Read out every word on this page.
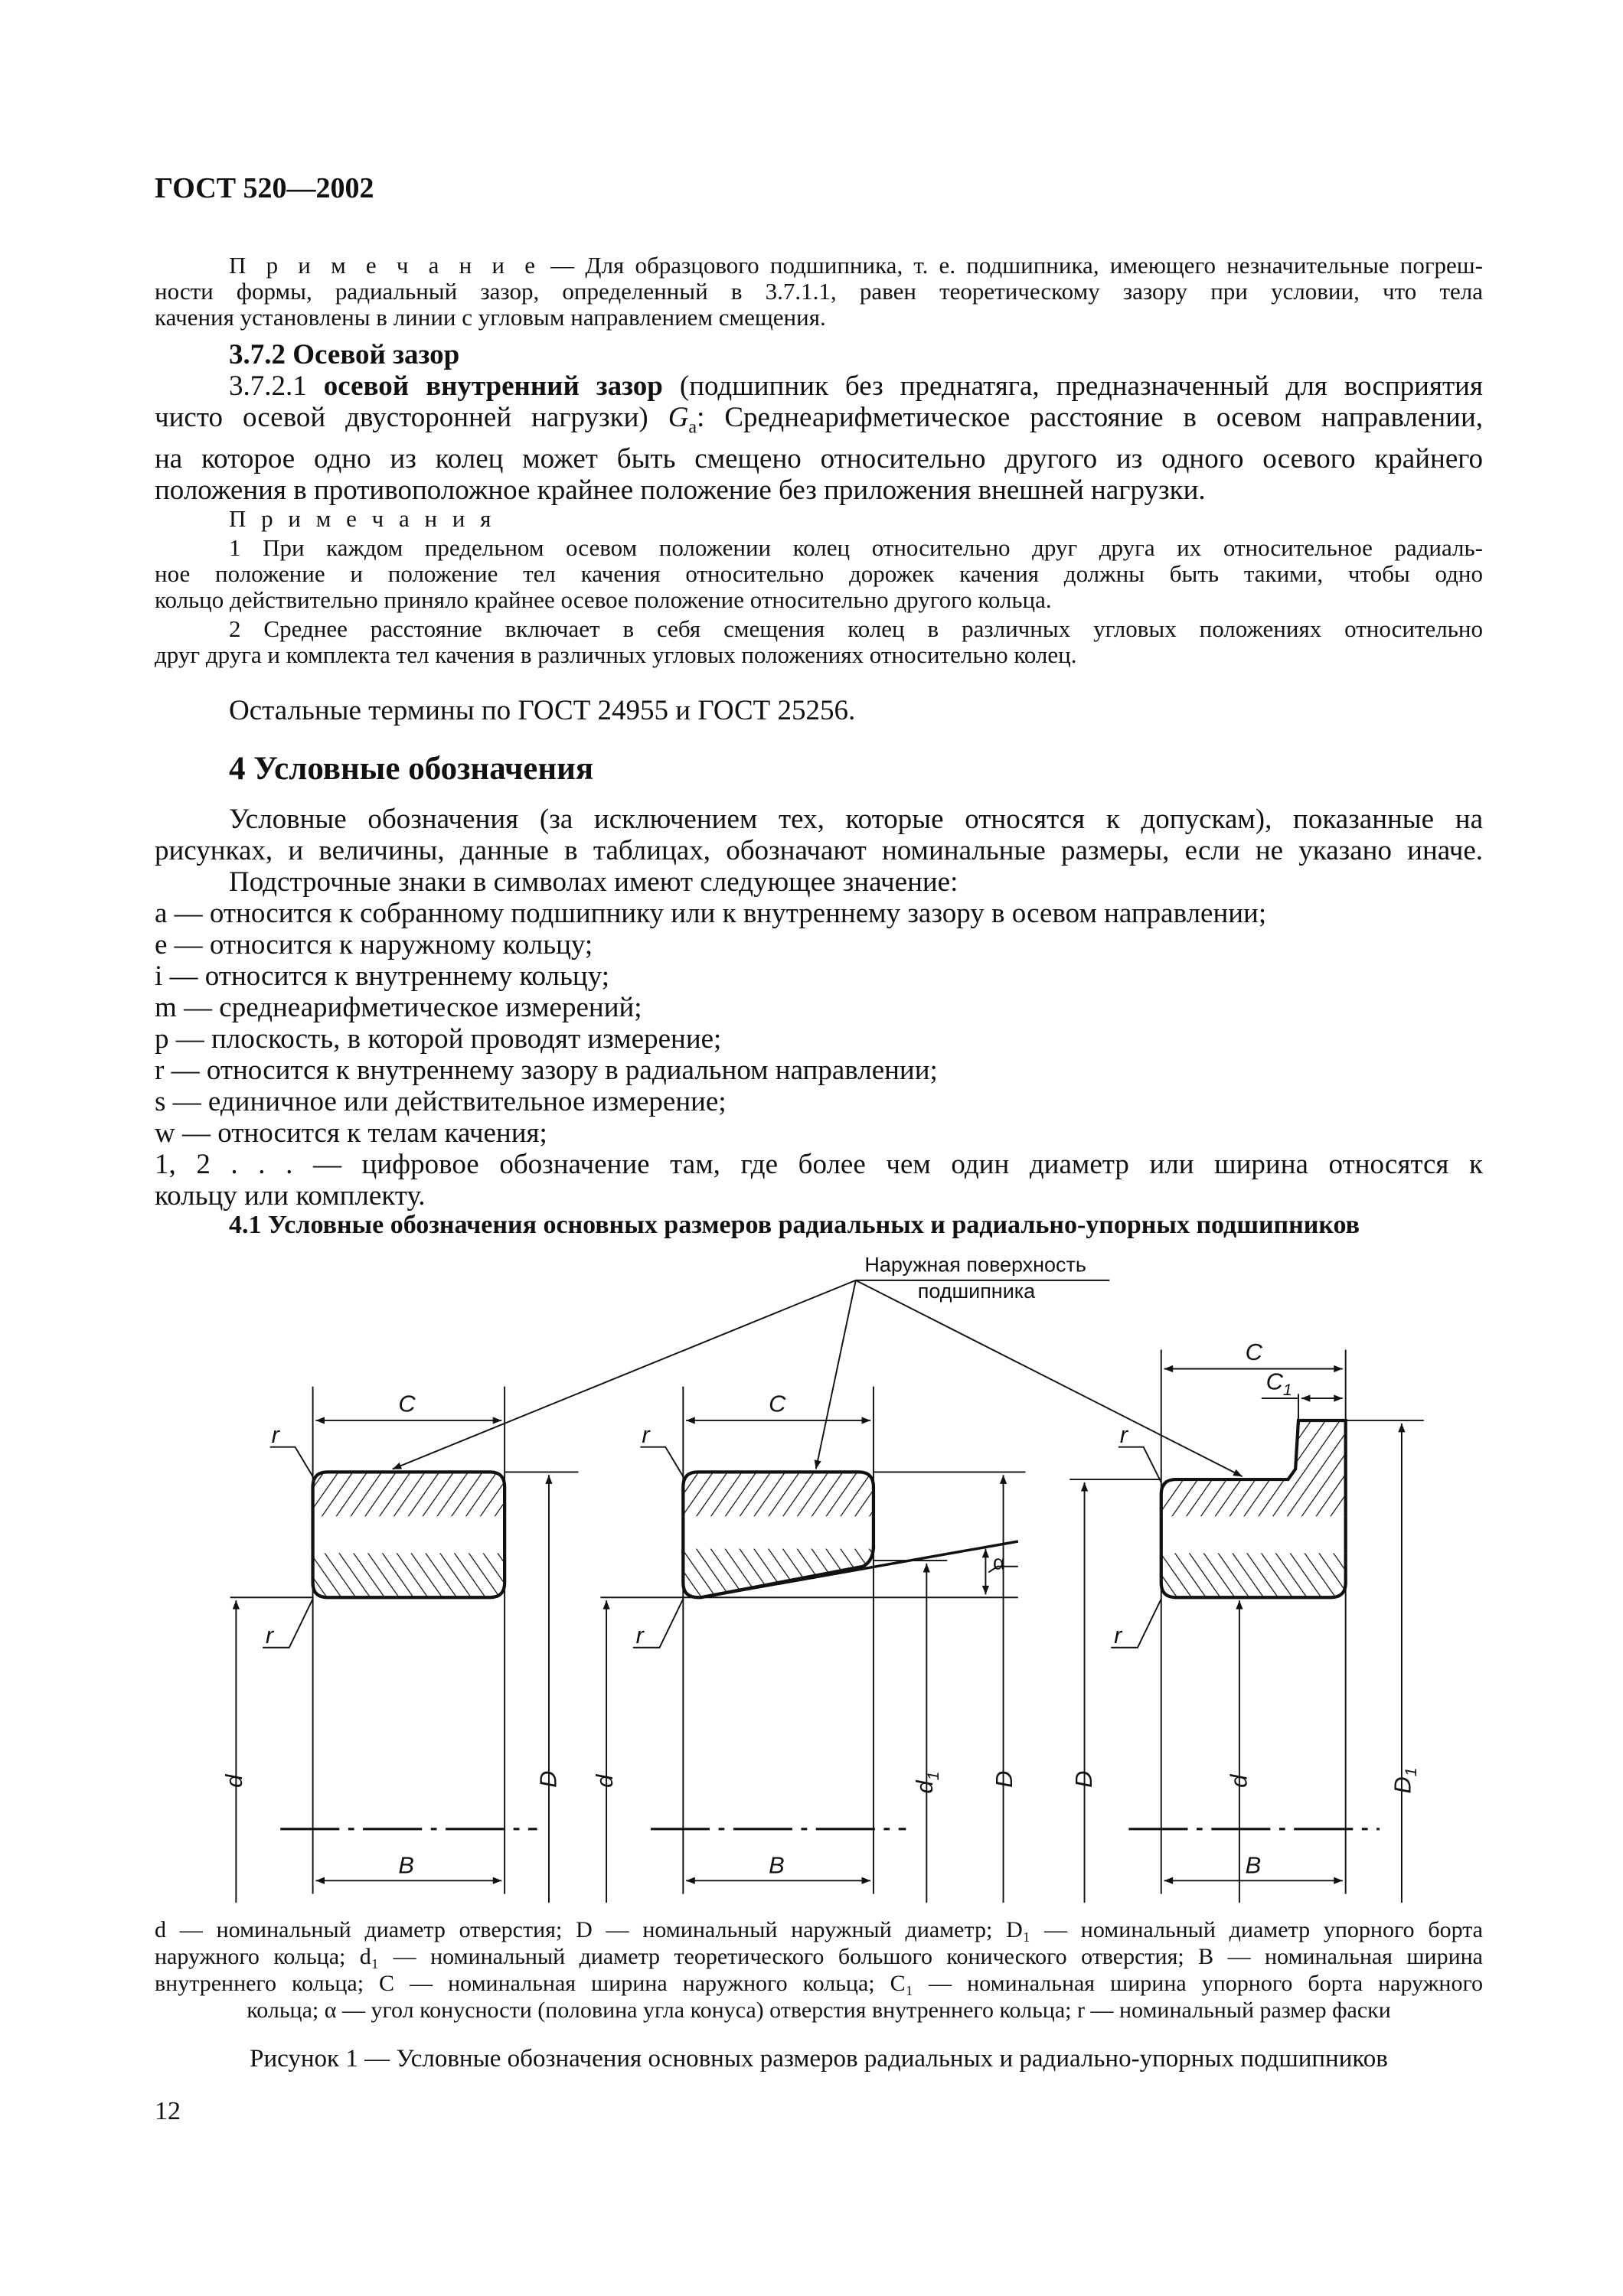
ГОСТ 520—2002
П р и м е ч а н и е — Для образцового подшипника, т. е. подшипника, имеющего незначительные погреш-
ности формы, радиальный зазор, определенный в 3.7.1.1, равен теоретическому зазору при условии, что тела
качения установлены в линии с угловым направлением смещения.
3.7.2 Осевой зазор
3.7.2.1 осевой внутренний зазор (подшипник без преднатяга, предназначенный для восприятия
чисто осевой двусторонней нагрузки) $G_a$: Среднеарифметическое расстояние в осевом направлении,
на которое одно из колец может быть смещено относительно другого из одного осевого крайнего
положения в противоположное крайнее положение без приложения внешней нагрузки.
П р и м е ч а н и я
1 При каждом предельном осевом положении колец относительно друг друга их относительное радиаль-
ное положение и положение тел качения относительно дорожек качения должны быть такими, чтобы одно
кольцо действительно приняло крайнее осевое положение относительно другого кольца.
2 Среднее расстояние включает в себя смещения колец в различных угловых положениях относительно
друг друга и комплекта тел качения в различных угловых положениях относительно колец.
Остальные термины по ГОСТ 24955 и ГОСТ 25256.
4 Условные обозначения
Условные обозначения (за исключением тех, которые относятся к допускам), показанные на
рисунках, и величины, данные в таблицах, обозначают номинальные размеры, если не указано иначе.
Подстрочные знаки в символах имеют следующее значение:
a — относится к собранному подшипнику или к внутреннему зазору в осевом направлении;
e — относится к наружному кольцу;
i — относится к внутреннему кольцу;
m — среднеарифметическое измерений;
p — плоскость, в которой проводят измерение;
r — относится к внутреннему зазору в радиальном направлении;
s — единичное или действительное измерение;
w — относится к телам качения;
1, 2 . . . — цифровое обозначение там, где более чем один диаметр или ширина относятся к
кольцу или комплекту.
4.1 Условные обозначения основных размеров радиальных и радиально-упорных подшипников
Наружная поверхность
подшипника
C
B
r
r
d	D
C
B
r
r
α
d	$d_1$	D
C
$C_1$
B
r
r
D	d	$D_1$
d — номинальный диаметр отверстия; D — номинальный наружный диаметр; D₁ — номинальный диаметр упорного борта
наружного кольца; d₁ — номинальный диаметр теоретического большого конического отверстия; B — номинальная ширина
внутреннего кольца; C — номинальная ширина наружного кольца; C₁ — номинальная ширина упорного борта наружного
кольца; α — угол конусности (половина угла конуса) отверстия внутреннего кольца; r — номинальный размер фаски
Рисунок 1 — Условные обозначения основных размеров радиальных и радиально-упорных подшипников
12
